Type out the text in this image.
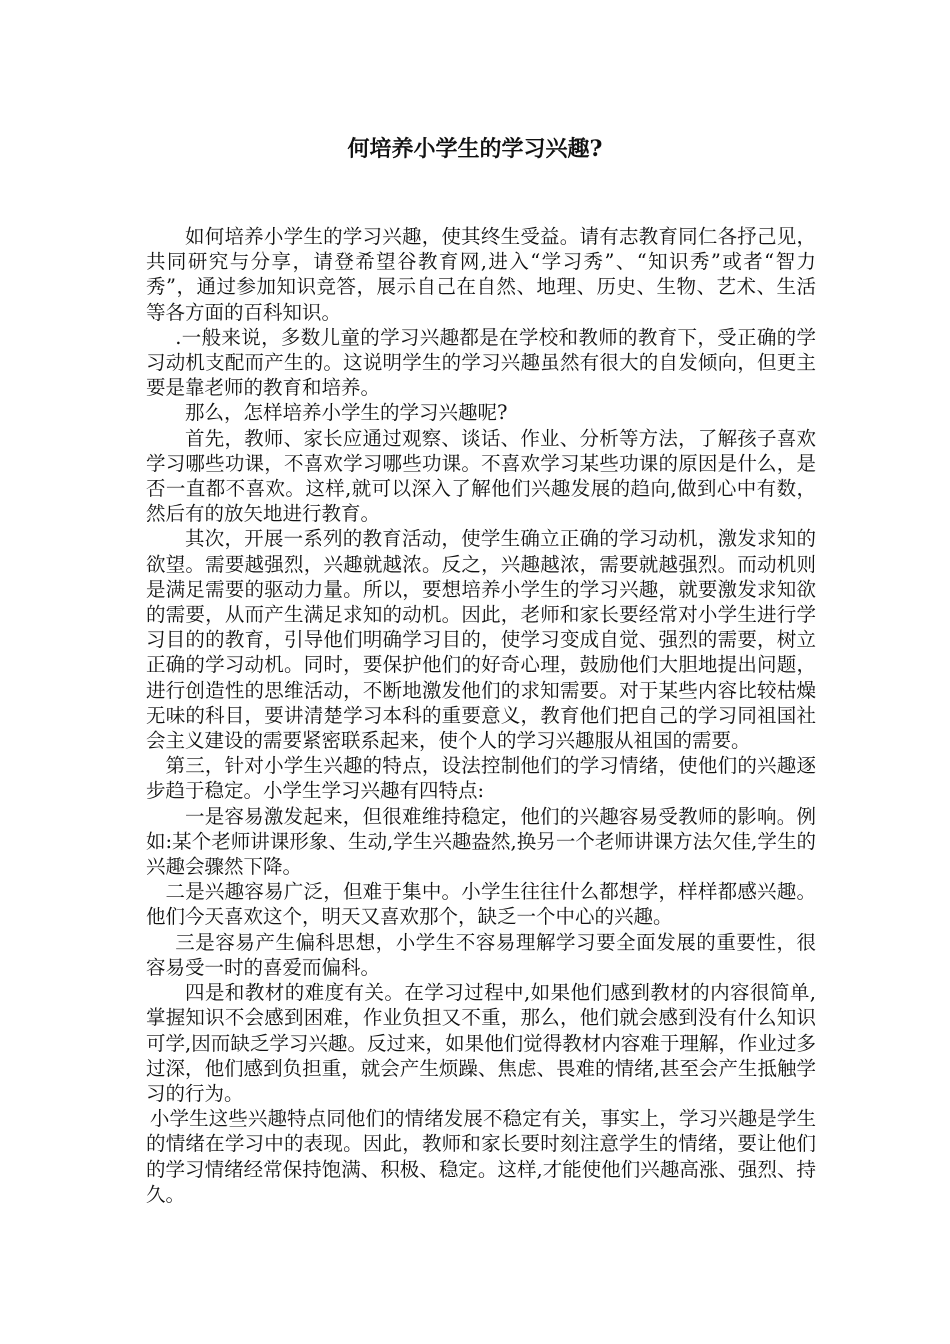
何培养小学生的学习兴趣?

如何培养小学生的学习兴趣，使其终生受益。请有志教育同仁各抒己见，共同研究与分享，请登希望谷教育网,进入“学习秀”、“知识秀”或者“智力秀”，通过参加知识竞答，展示自己在自然、地理、历史、生物、艺术、生活等各方面的百科知识。

.一般来说，多数儿童的学习兴趣都是在学校和教师的教育下，受正确的学习动机支配而产生的。这说明学生的学习兴趣虽然有很大的自发倾向，但更主要是靠老师的教育和培养。

那么，怎样培养小学生的学习兴趣呢?

首先，教师、家长应通过观察、谈话、作业、分析等方法，了解孩子喜欢学习哪些功课，不喜欢学习哪些功课。不喜欢学习某些功课的原因是什么，是否一直都不喜欢。这样,就可以深入了解他们兴趣发展的趋向,做到心中有数，然后有的放矢地进行教育。

其次，开展一系列的教育活动，使学生确立正确的学习动机，激发求知的欲望。需要越强烈，兴趣就越浓。反之，兴趣越浓，需要就越强烈。而动机则是满足需要的驱动力量。所以，要想培养小学生的学习兴趣，就要激发求知欲的需要，从而产生满足求知的动机。因此，老师和家长要经常对小学生进行学习目的的教育，引导他们明确学习目的，使学习变成自觉、强烈的需要，树立正确的学习动机。同时，要保护他们的好奇心理，鼓励他们大胆地提出问题，进行创造性的思维活动，不断地激发他们的求知需要。对于某些内容比较枯燥无味的科目，要讲清楚学习本科的重要意义，教育他们把自己的学习同祖国社会主义建设的需要紧密联系起来，使个人的学习兴趣服从祖国的需要。

第三，针对小学生兴趣的特点，设法控制他们的学习情绪，使他们的兴趣逐步趋于稳定。小学生学习兴趣有四特点:

一是容易激发起来，但很难维持稳定，他们的兴趣容易受教师的影响。例如:某个老师讲课形象、生动,学生兴趣盎然,换另一个老师讲课方法欠佳,学生的兴趣会骤然下降。

二是兴趣容易广泛，但难于集中。小学生往往什么都想学，样样都感兴趣。他们今天喜欢这个，明天又喜欢那个，缺乏一个中心的兴趣。

三是容易产生偏科思想，小学生不容易理解学习要全面发展的重要性，很容易受一时的喜爱而偏科。

四是和教材的难度有关。在学习过程中,如果他们感到教材的内容很简单,掌握知识不会感到困难，作业负担又不重，那么，他们就会感到没有什么知识可学,因而缺乏学习兴趣。反过来，如果他们觉得教材内容难于理解，作业过多过深，他们感到负担重，就会产生烦躁、焦虑、畏难的情绪,甚至会产生抵触学习的行为。

小学生这些兴趣特点同他们的情绪发展不稳定有关，事实上，学习兴趣是学生的情绪在学习中的表现。因此，教师和家长要时刻注意学生的情绪，要让他们的学习情绪经常保持饱满、积极、稳定。这样,才能使他们兴趣高涨、强烈、持久。
